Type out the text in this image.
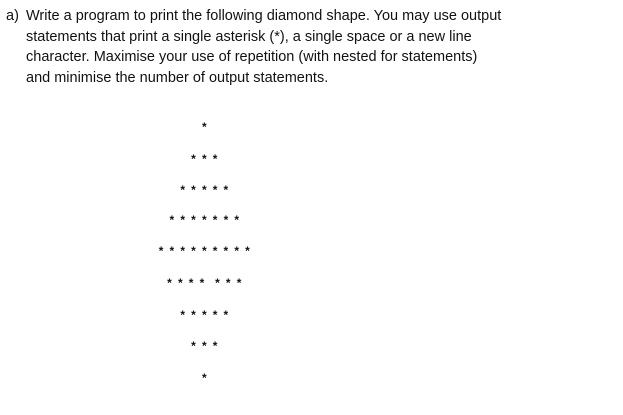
a) Write a program to print the following diamond shape. You may use output
statements that print a single asterisk (*), a single space or a new line
character. Maximise your use of repetition (with nested for statements)
and minimise the number of output statements.
*
* * *
* * * * *
* * * * * * *
* * * * * * * * *
* * * *  * * *
* * * * *
* * *
*
